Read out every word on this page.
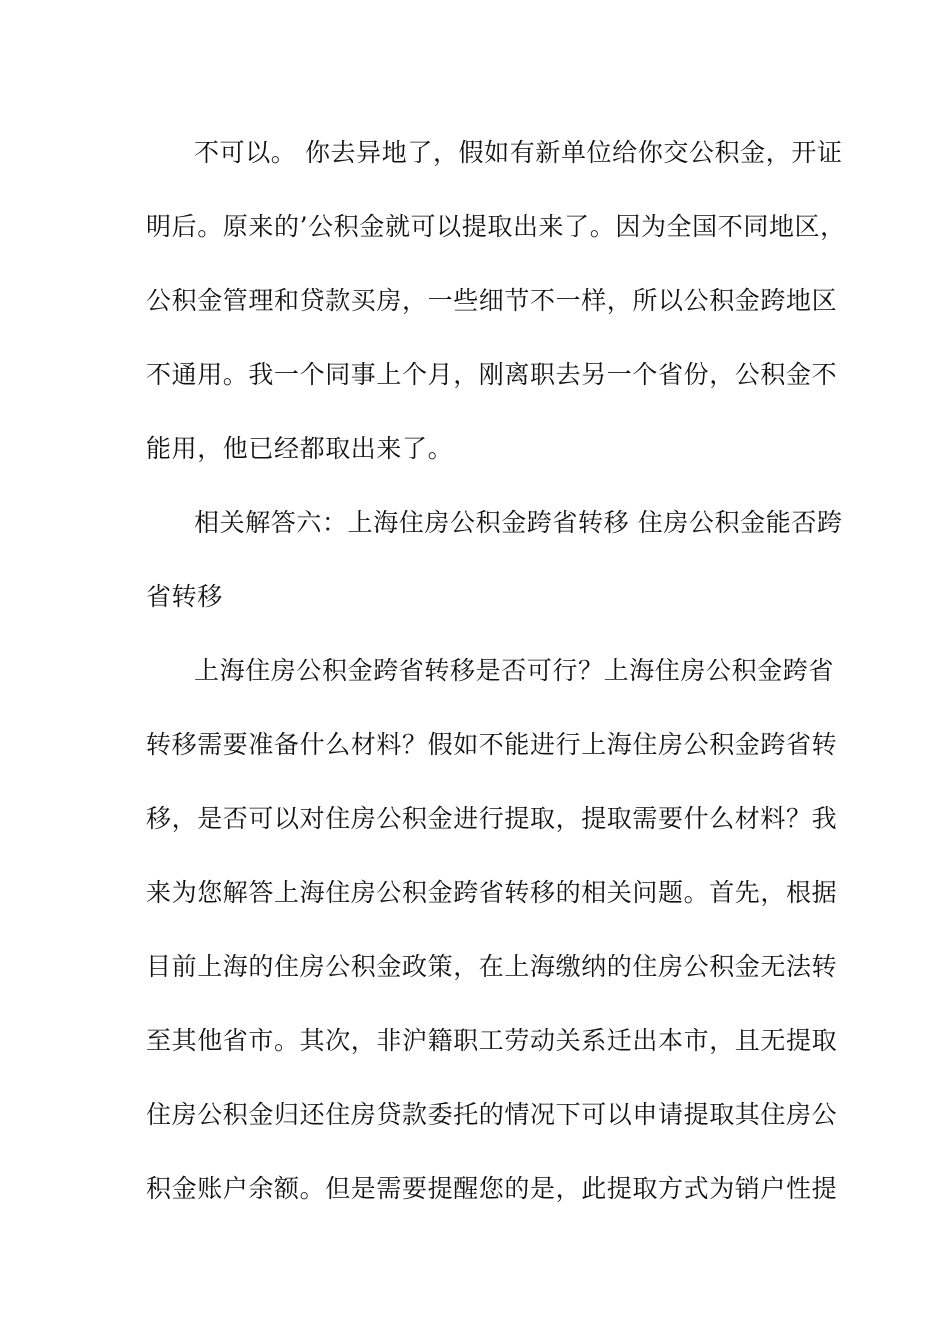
不可以。 你去异地了，假如有新单位给你交公积金，开证
明后。原来的’公积金就可以提取出来了。因为全国不同地区，
公积金管理和贷款买房，一些细节不一样，所以公积金跨地区
不通用。我一个同事上个月，刚离职去另一个省份，公积金不
能用，他已经都取出来了。
相关解答六：上海住房公积金跨省转移 住房公积金能否跨
省转移
上海住房公积金跨省转移是否可行？上海住房公积金跨省
转移需要准备什么材料？假如不能进行上海住房公积金跨省转
移，是否可以对住房公积金进行提取，提取需要什么材料？我
来为您解答上海住房公积金跨省转移的相关问题。首先，根据
目前上海的住房公积金政策，在上海缴纳的住房公积金无法转
至其他省市。其次，非沪籍职工劳动关系迁出本市，且无提取
住房公积金归还住房贷款委托的情况下可以申请提取其住房公
积金账户余额。但是需要提醒您的是，此提取方式为销户性提
